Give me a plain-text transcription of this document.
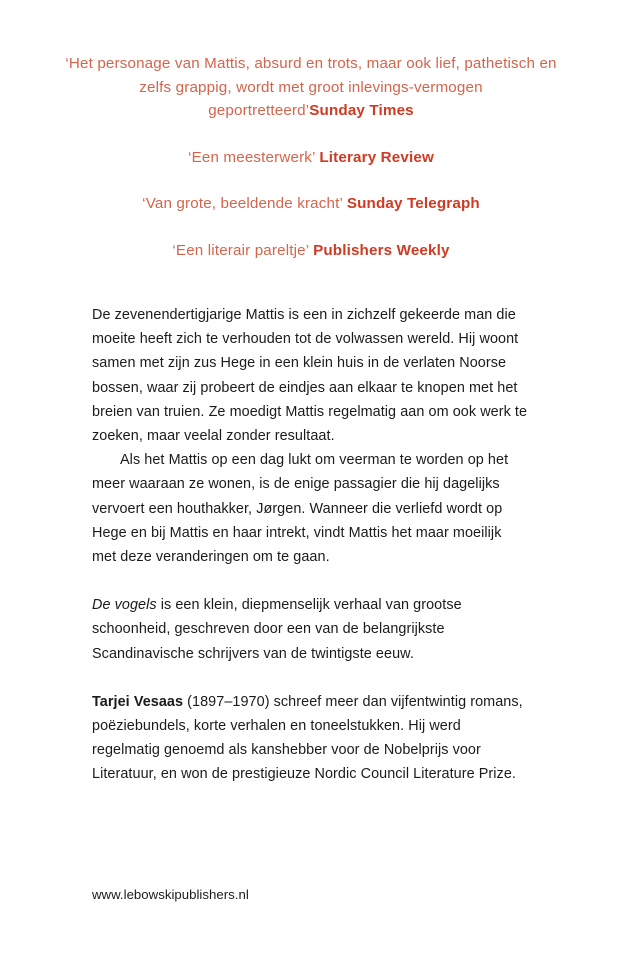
‘Het personage van Mattis, absurd en trots, maar ook lief, pathetisch en zelfs grappig, wordt met groot inlevings-vermogen geportretteerd’Sunday Times

‘Een meesterwerk’ Literary Review

‘Van grote, beeldende kracht’ Sunday Telegraph

‘Een literair pareltje’ Publishers Weekly

De zevenendertigjarige Mattis is een in zichzelf gekeerde man die moeite heeft zich te verhouden tot de volwassen wereld. Hij woont samen met zijn zus Hege in een klein huis in de verlaten Noorse bossen, waar zij probeert de eindjes aan elkaar te knopen met het breien van truien. Ze moedigt Mattis regelmatig aan om ook werk te zoeken, maar veelal zonder resultaat.

Als het Mattis op een dag lukt om veerman te worden op het meer waaraan ze wonen, is de enige passagier die hij dagelijks vervoert een houthakker, Jørgen. Wanneer die verliefd wordt op Hege en bij Mattis en haar intrekt, vindt Mattis het maar moeilijk met deze veranderingen om te gaan.

De vogels is een klein, diepmenselijk verhaal van grootse schoonheid, geschreven door een van de belangrijkste Scandinavische schrijvers van de twintigste eeuw.

Tarjei Vesaas (1897–1970) schreef meer dan vijfentwintig romans, poëziebundels, korte verhalen en toneelstukken. Hij werd regelmatig genoemd als kanshebber voor de Nobelprijs voor Literatuur, en won de prestigieuze Nordic Council Literature Prize.

www.lebowskipublishers.nl
